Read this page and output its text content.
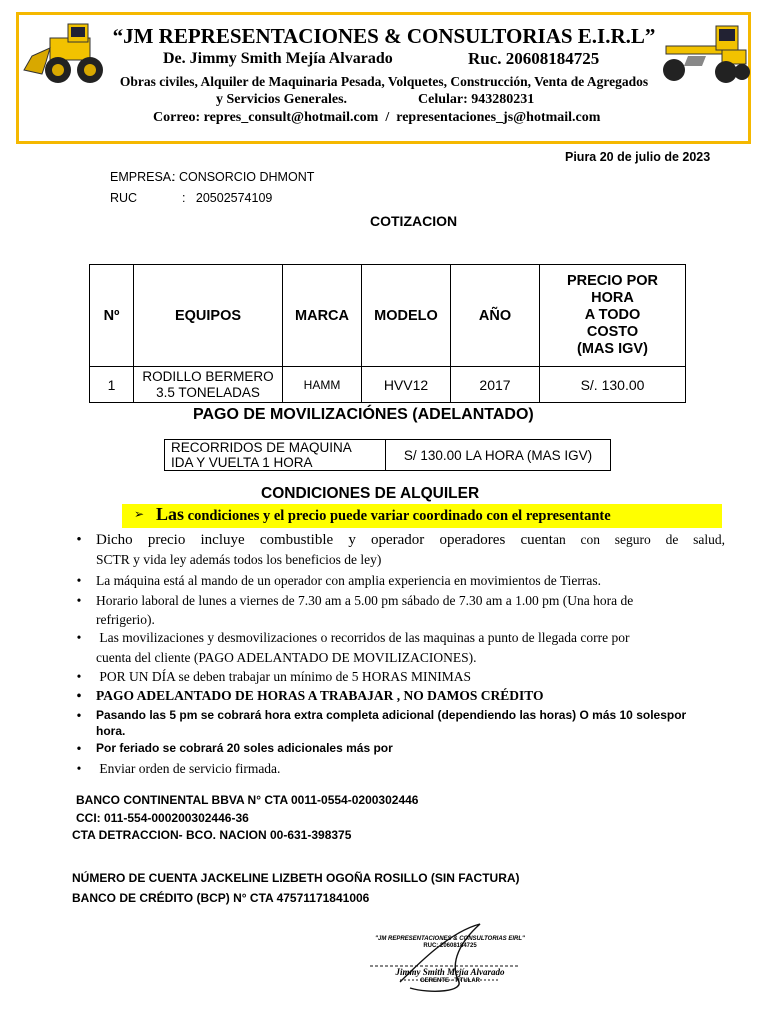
“JM REPRESENTACIONES & CONSULTORIAS E.I.R.L”
De. Jimmy Smith Mejía Alvarado	Ruc. 20608184725
Obras civiles, Alquiler de Maquinaria Pesada, Volquetes, Construcción, Venta de Agregados
y Servicios Generales.	Celular: 943280231
Correo: repres_consult@hotmail.com / representaciones_js@hotmail.com
Piura 20 de julio de 2023
EMPRESA.
: CONSORCIO DHMONT
RUC	:   20502574109
COTIZACION
Nº	EQUIPOS	MARCA	MODELO	AÑO	PRECIO POR
HORA
A TODO
COSTO
(MAS IGV)

1	RODILLO BERMERO
3.5 TONELADAS	HAMM	HVV12	2017	S/. 130.00
PAGO DE MOVILIZACIÓNES (ADELANTADO)
RECORRIDOS DE MAQUINA
IDA Y VUELTA 1 HORA	S/ 130.00 LA HORA (MAS IGV)
CONDICIONES DE ALQUILER
➢ Las condiciones y el precio puede variar coordinado con el representante
• Dicho precio incluye combustible y operador operadores cuentan con seguro de salud,
SCTR y vida ley además todos los beneficios de ley)
•	La máquina está al mando de un operador con amplia experiencia en movimientos de Tierras.
•	Horario laboral de lunes a viernes de 7.30 am a 5.00 pm sábado de 7.30 am a 1.00 pm (Una hora de
refrigerio).
•	Las movilizaciones y desmovilizaciones o recorridos de las maquinas a punto de llegada corre por
cuenta del cliente (PAGO ADELANTADO DE MOVILIZACIONES).
•	POR UN DÍA se deben trabajar un mínimo de 5 HORAS MINIMAS
•	PAGO ADELANTADO DE HORAS A TRABAJAR , NO DAMOS CRÉDITO
•	Pasando las 5 pm se cobrará hora extra completa adicional (dependiendo las horas) O más 10 solespor
hora.
•	Por feriado se cobrará 20 soles adicionales más por
•	Enviar orden de servicio firmada.
BANCO CONTINENTAL BBVA N° CTA 0011-0554-0200302446
CCI: 011-554-000200302446-36
CTA DETRACCION- BCO. NACION 00-631-398375
NÚMERO DE CUENTA JACKELINE LIZBETH OGOÑA ROSILLO (SIN FACTURA)
BANCO DE CRÉDITO (BCP) N° CTA 47571171841006
"JM REPRESENTACIONES & CONSULTORIAS EIRL"
RUC: 20608184725
Jimmy Smith Mejía Alvarado
GERENTE - TITULAR
